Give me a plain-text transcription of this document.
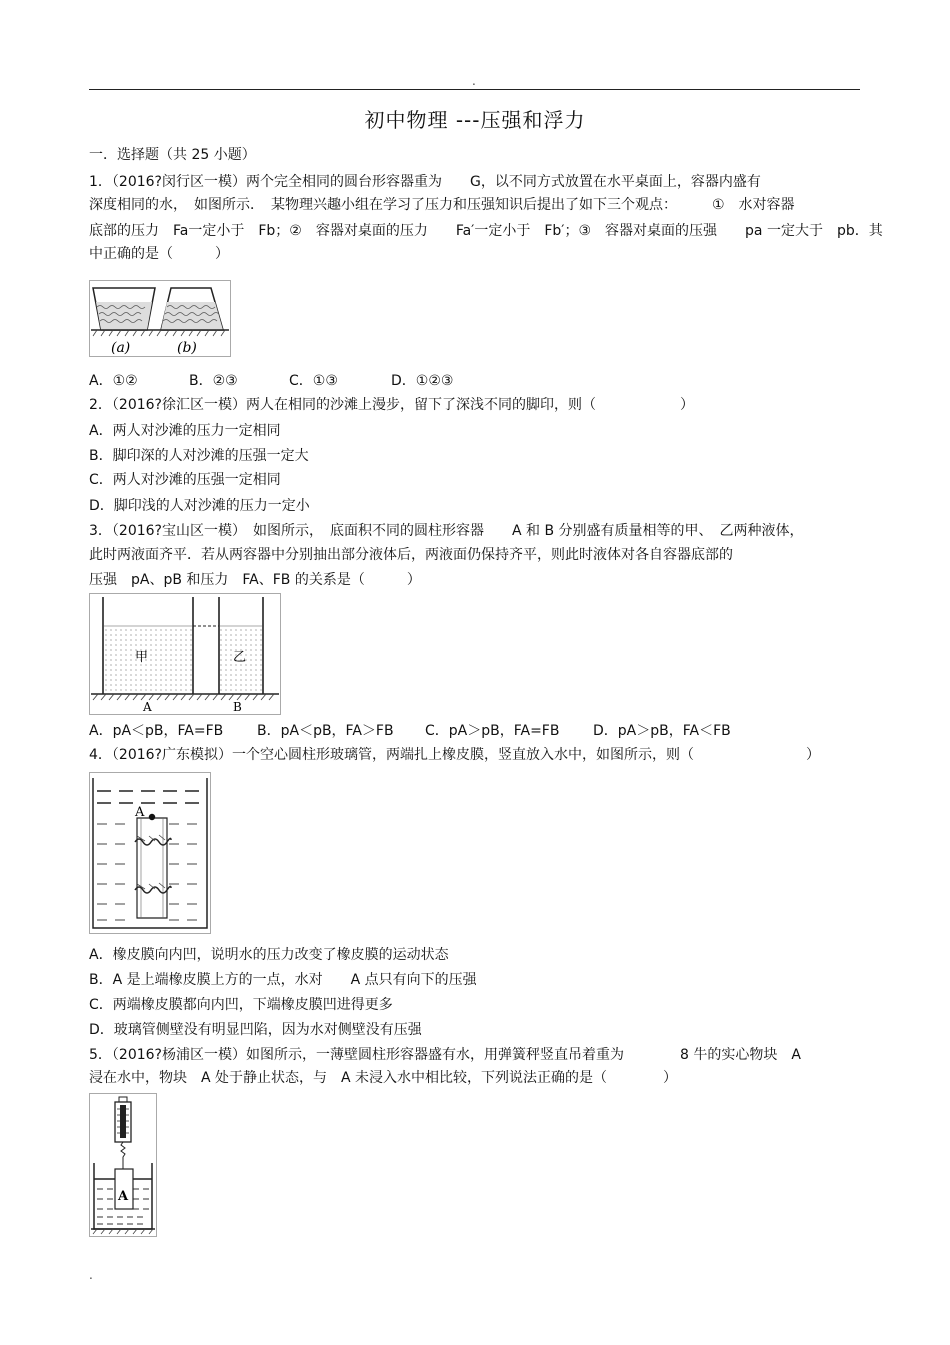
.
初中物理 ---压强和浮力
一．选择题（共 25 小题）
1．（2016?闵行区一模）两个完全相同的圆台形容器重为　　G，以不同方式放置在水平桌面上，容器内盛有
深度相同的水，　如图所示．　某物理兴趣小组在学习了压力和压强知识后提出了如下三个观点：　　　①　水对容器
底部的压力　Fa一定小于　Fb；②　容器对桌面的压力　　Fa′一定小于　Fb′；③　容器对桌面的压强　　pa 一定大于　pb．其
中正确的是（　　　）
(a)	(b)
A．①②	B．②③	C．①③	D．①②③
2．（2016?徐汇区一模）两人在相同的沙滩上漫步，留下了深浅不同的脚印，则（　　　　　　）
A．两人对沙滩的压力一定相同
B．脚印深的人对沙滩的压强一定大
C．两人对沙滩的压强一定相同
D．脚印浅的人对沙滩的压力一定小
3．（2016?宝山区一模）　如图所示，　底面积不同的圆柱形容器　　A 和 B 分别盛有质量相等的甲、　乙两种液体，
此时两液面齐平．若从两容器中分别抽出部分液体后，两液面仍保持齐平，则此时液体对各自容器底部的
压强　pA、pB 和压力　FA、FB 的关系是（　　　）
甲	乙
A	B
A．pA＜pB，FA=FB B．pA＜pB，FA＞FB C．pA＞pB，FA=FB D．pA＞pB，FA＜FB
4．（2016?广东模拟）一个空心圆柱形玻璃管，两端扎上橡皮膜，竖直放入水中，如图所示，则（　　　　　　　　）
A
A．橡皮膜向内凹，说明水的压力改变了橡皮膜的运动状态
B．A 是上端橡皮膜上方的一点，水对　　A 点只有向下的压强
C．两端橡皮膜都向内凹，下端橡皮膜凹进得更多
D．玻璃管侧壁没有明显凹陷，因为水对侧壁没有压强
5．（2016?杨浦区一模）如图所示，一薄壁圆柱形容器盛有水，用弹簧秤竖直吊着重为　　　　8 牛的实心物块　A
浸在水中，物块　A 处于静止状态，与　A 未浸入水中相比较，下列说法正确的是（　　　　）
A
.
